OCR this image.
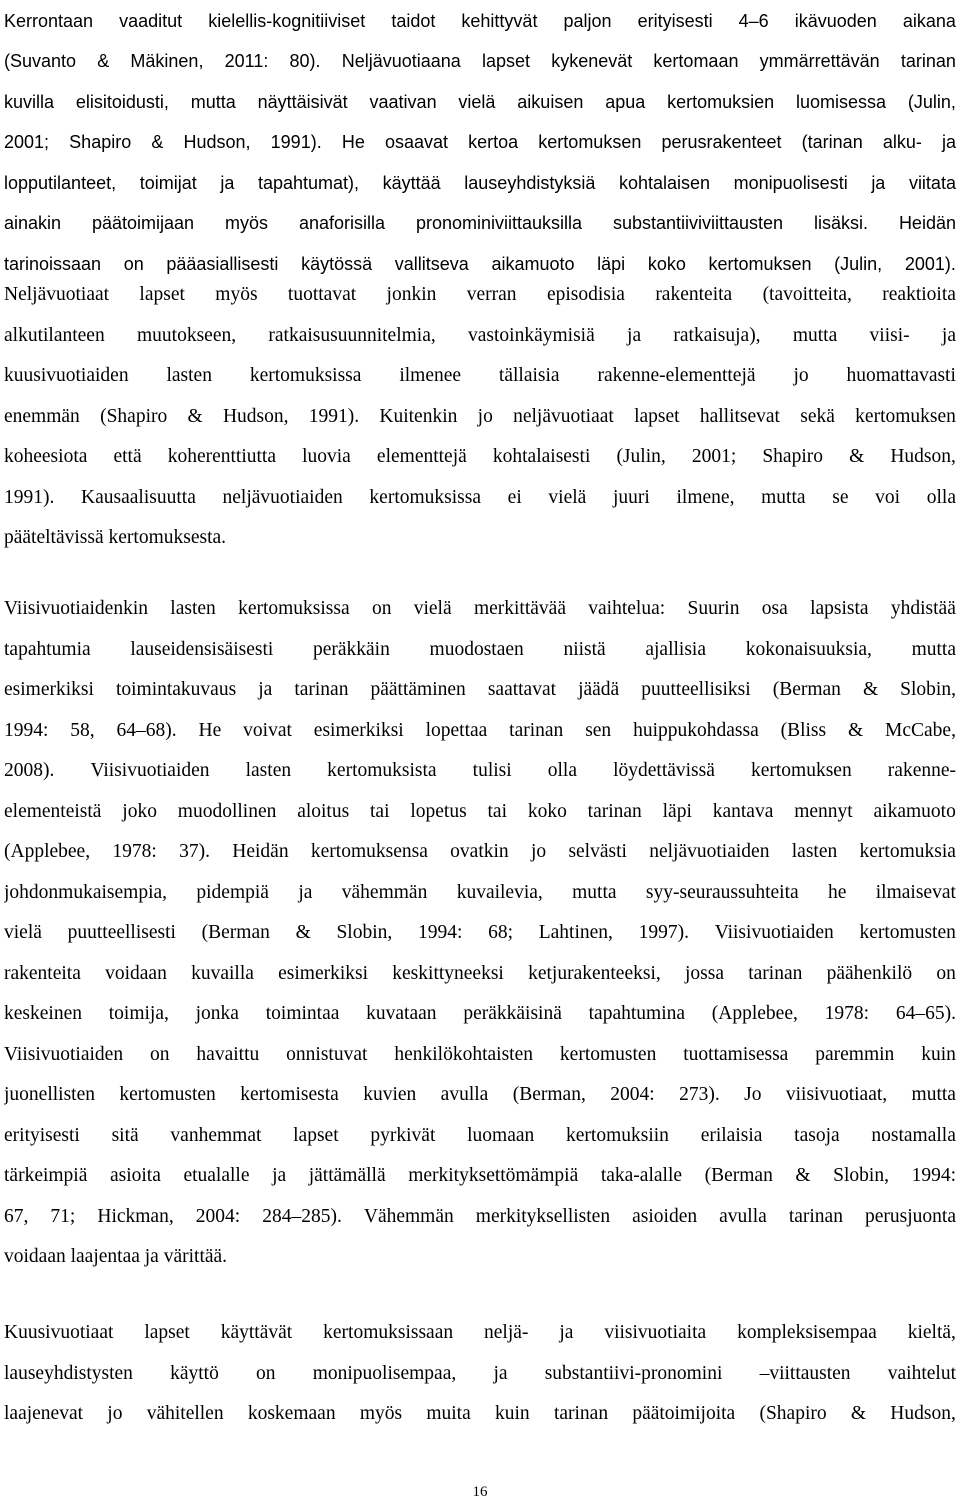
Kerrontaan vaaditut kielellis-kognitiiviset taidot kehittyvät paljon erityisesti 4–6 ikävuoden aikana
(Suvanto & Mäkinen, 2011: 80). Neljävuotiaana lapset kykenevät kertomaan ymmärrettävän tarinan
kuvilla elisitoidusti, mutta näyttäisivät vaativan vielä aikuisen apua kertomuksien luomisessa (Julin,
2001; Shapiro & Hudson, 1991). He osaavat kertoa kertomuksen perusrakenteet (tarinan alku- ja
lopputilanteet, toimijat ja tapahtumat), käyttää lauseyhdistyksiä kohtalaisen monipuolisesti ja viitata
ainakin päätoimijaan myös anaforisilla pronominiviittauksilla substantiiviviittausten lisäksi. Heidän
tarinoissaan on pääasiallisesti käytössä vallitseva aikamuoto läpi koko kertomuksen (Julin, 2001).
Neljävuotiaat lapset myös tuottavat jonkin verran episodisia rakenteita (tavoitteita, reaktioita
alkutilanteen muutokseen, ratkaisusuunnitelmia, vastoinkäymisiä ja ratkaisuja), mutta viisi- ja
kuusivuotiaiden lasten kertomuksissa ilmenee tällaisia rakenne-elementtejä jo huomattavasti
enemmän (Shapiro & Hudson, 1991). Kuitenkin jo neljävuotiaat lapset hallitsevat sekä kertomuksen
koheesiota että koherenttiutta luovia elementtejä kohtalaisesti (Julin, 2001; Shapiro & Hudson,
1991). Kausaalisuutta neljävuotiaiden kertomuksissa ei vielä juuri ilmene, mutta se voi olla
pääteltävissä kertomuksesta.
Viisivuotiaidenkin lasten kertomuksissa on vielä merkittävää vaihtelua: Suurin osa lapsista yhdistää
tapahtumia lauseidensisäisesti peräkkäin muodostaen niistä ajallisia kokonaisuuksia, mutta
esimerkiksi toimintakuvaus ja tarinan päättäminen saattavat jäädä puutteellisiksi (Berman & Slobin,
1994: 58, 64–68). He voivat esimerkiksi lopettaa tarinan sen huippukohdassa (Bliss & McCabe,
2008). Viisivuotiaiden lasten kertomuksista tulisi olla löydettävissä kertomuksen rakenne-
elementeistä joko muodollinen aloitus tai lopetus tai koko tarinan läpi kantava mennyt aikamuoto
(Applebee, 1978: 37). Heidän kertomuksensa ovatkin jo selvästi neljävuotiaiden lasten kertomuksia
johdonmukaisempia, pidempiä ja vähemmän kuvailevia, mutta syy-seuraussuhteita he ilmaisevat
vielä puutteellisesti (Berman & Slobin, 1994: 68; Lahtinen, 1997). Viisivuotiaiden kertomusten
rakenteita voidaan kuvailla esimerkiksi keskittyneeksi ketjurakenteeksi, jossa tarinan päähenkilö on
keskeinen toimija, jonka toimintaa kuvataan peräkkäisinä tapahtumina (Applebee, 1978: 64–65).
Viisivuotiaiden on havaittu onnistuvat henkilökohtaisten kertomusten tuottamisessa paremmin kuin
juonellisten kertomusten kertomisesta kuvien avulla (Berman, 2004: 273). Jo viisivuotiaat, mutta
erityisesti sitä vanhemmat lapset pyrkivät luomaan kertomuksiin erilaisia tasoja nostamalla
tärkeimpiä asioita etualalle ja jättämällä merkityksettömämpiä taka-alalle (Berman & Slobin, 1994:
67, 71; Hickman, 2004: 284–285). Vähemmän merkityksellisten asioiden avulla tarinan perusjuonta
voidaan laajentaa ja värittää.
Kuusivuotiaat lapset käyttävät kertomuksissaan neljä- ja viisivuotiaita kompleksisempaa kieltä,
lauseyhdistysten käyttö on monipuolisempaa, ja substantiivi-pronomini –viittausten vaihtelut
laajenevat jo vähitellen koskemaan myös muita kuin tarinan päätoimijoita (Shapiro & Hudson,
16
